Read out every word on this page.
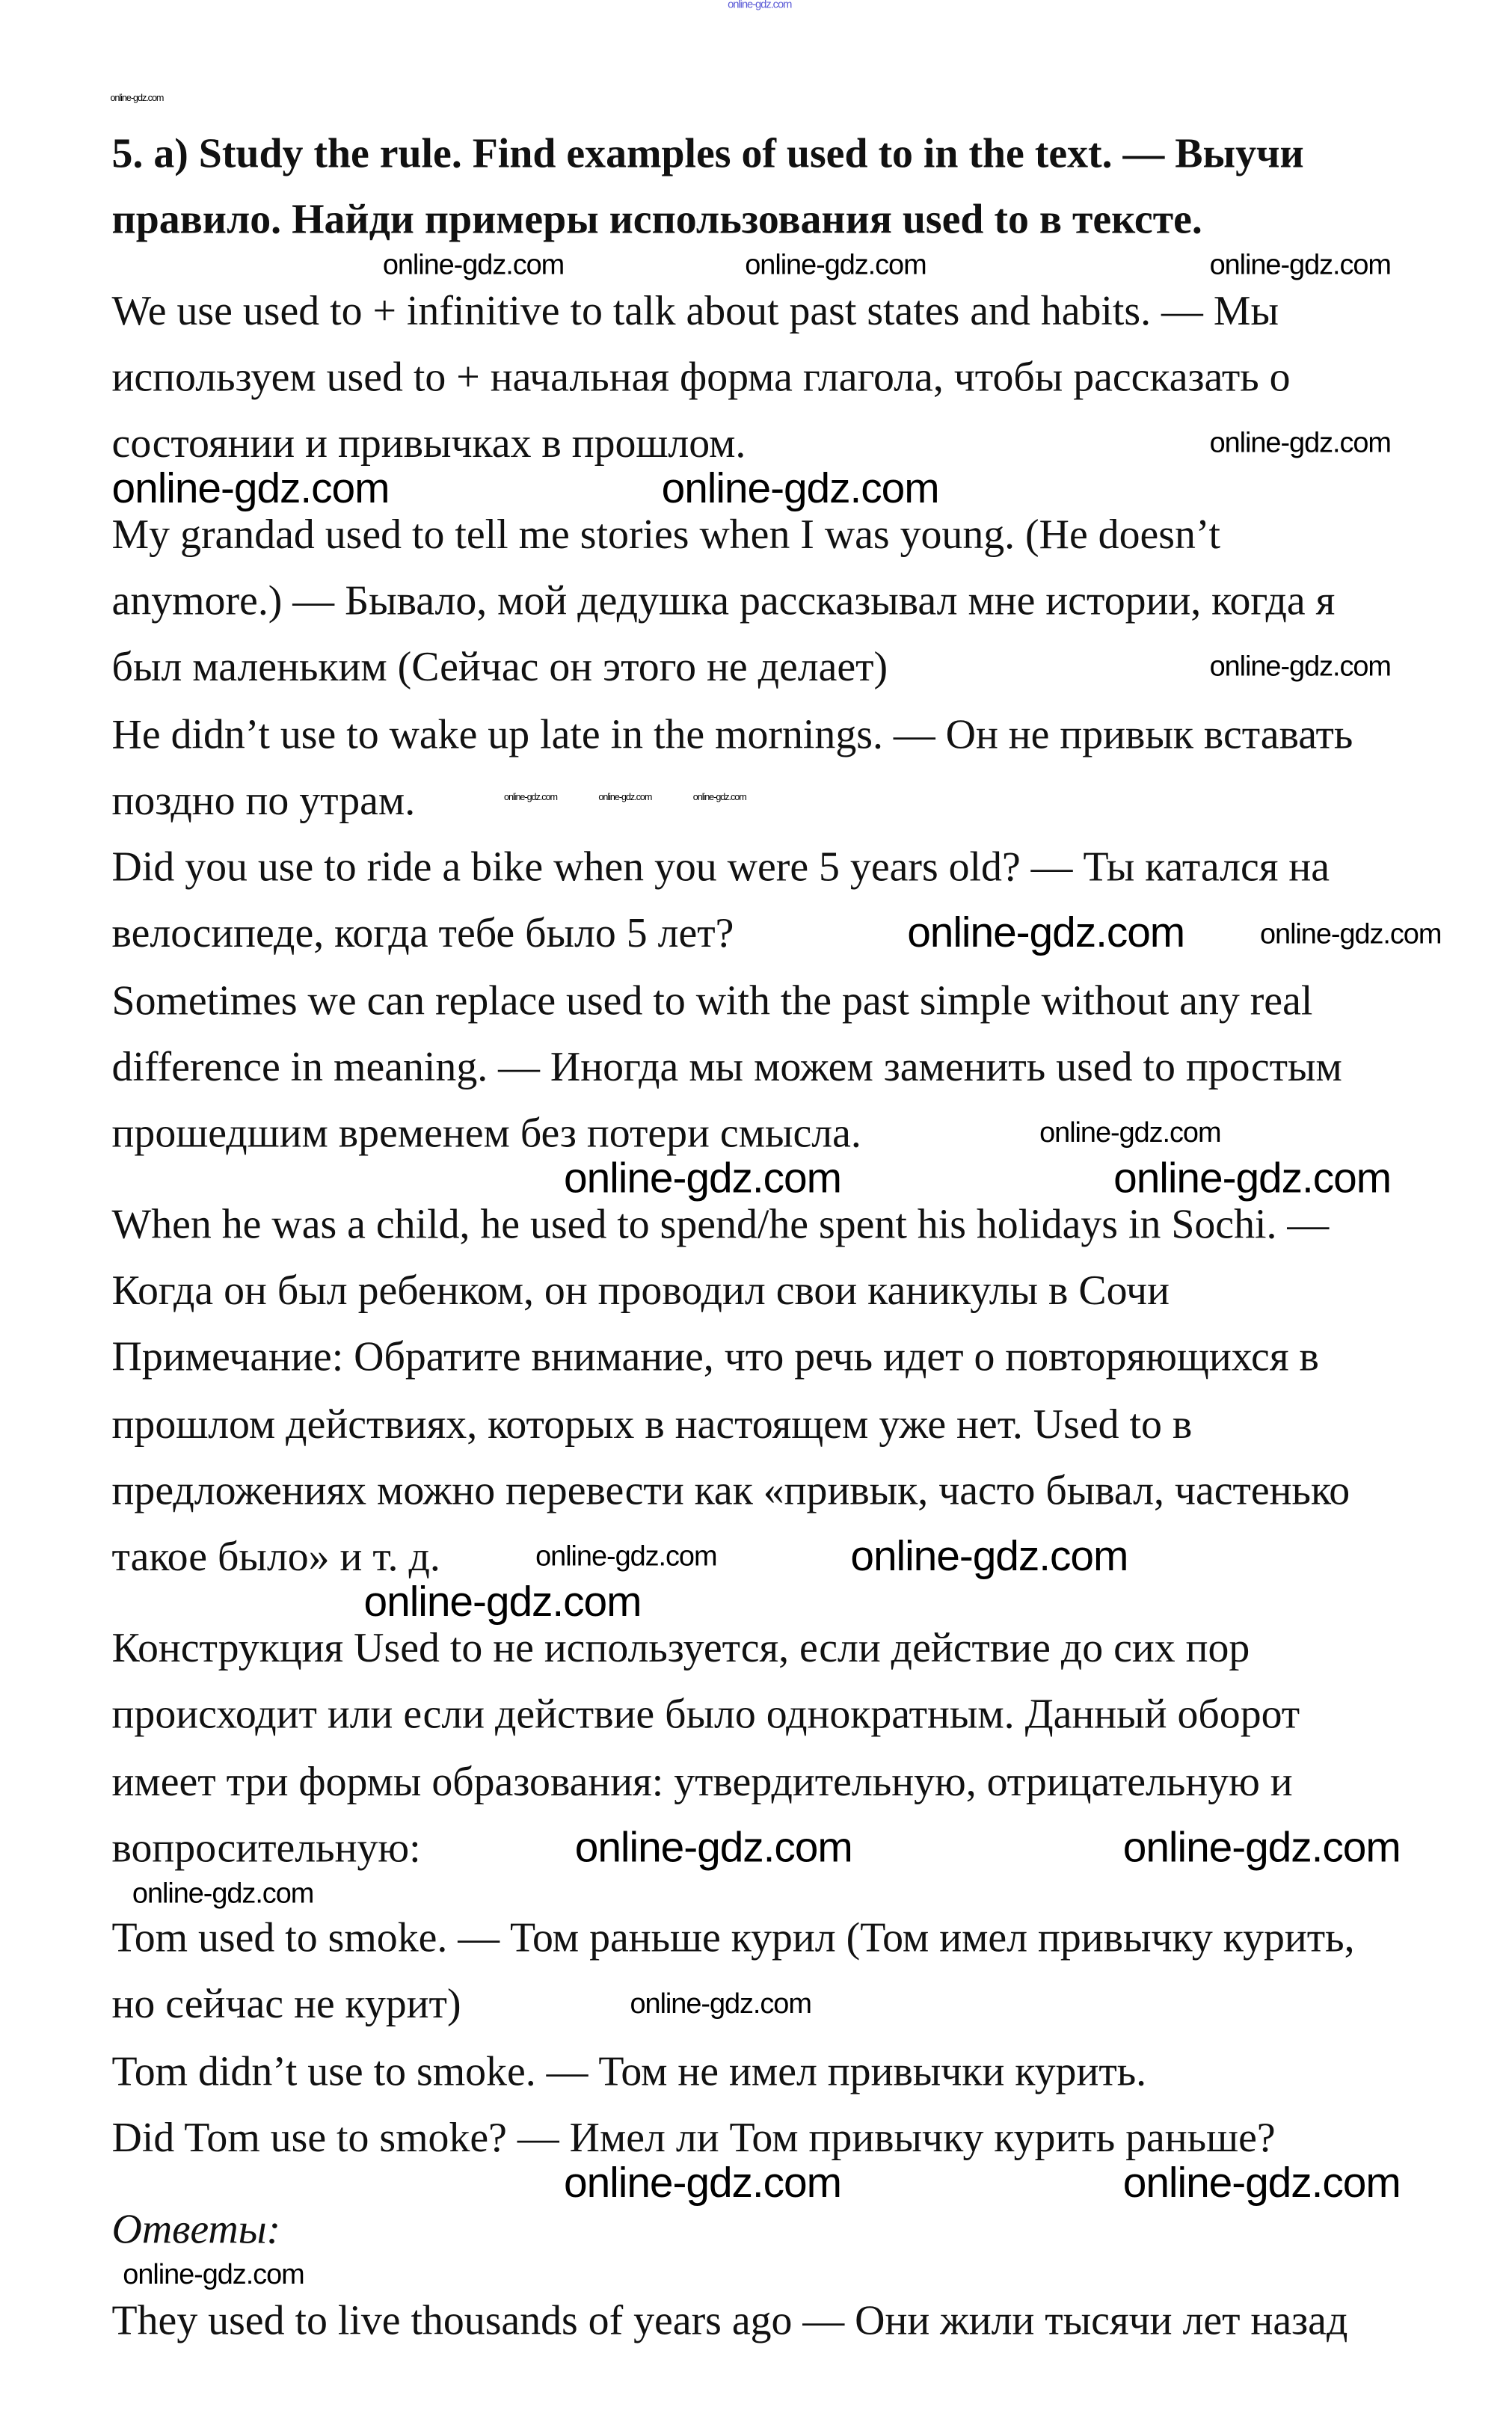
online-gdz.com
5. a) Study the rule. Find examples of used to in the text. — Выучи
правило. Найди примеры использования used to в тексте.
We use used to + infinitive to talk about past states and habits. — Мы
используем used to + начальная форма глагола, чтобы рассказать о
состоянии и привычках в прошлом.
My grandad used to tell me stories when I was young. (He doesn’t
anymore.) — Бывало, мой дедушка рассказывал мне истории, когда я
был маленьким (Сейчас он этого не делает)
He didn’t use to wake up late in the mornings. — Он не привык вставать
поздно по утрам.
Did you use to ride a bike when you were 5 years old? — Ты катался на
велосипеде, когда тебе было 5 лет?
Sometimes we can replace used to with the past simple without any real
difference in meaning. — Иногда мы можем заменить used to простым
прошедшим временем без потери смысла.
When he was a child, he used to spend/he spent his holidays in Sochi. —
Когда он был ребенком, он проводил свои каникулы в Сочи
Примечание: Обратите внимание, что речь идет о повторяющихся в
прошлом действиях, которых в настоящем уже нет. Used to в
предложениях можно перевести как «привык, часто бывал, частенько
такое было» и т. д.
Конструкция Used to не используется, если действие до сих пор
происходит или если действие было однократным. Данный оборот
имеет три формы образования: утвердительную, отрицательную и
вопросительную:
Tom used to smoke. — Том раньше курил (Том имел привычку курить,
но сейчас не курит)
Tom didn’t use to smoke. — Том не имел привычки курить.
Did Tom use to smoke? — Имел ли Том привычку курить раньше?
Ответы:
They used to live thousands of years ago — Они жили тысячи лет назад
online-gdz.com
online-gdz.com	online-gdz.com	online-gdz.com
online-gdz.com	online-gdz.com
online-gdz.com
online-gdz.com
online-gdz.com	online-gdz.com
online-gdz.com
online-gdz.com
online-gdz.com
online-gdz.com
online-gdz.com	online-gdz.com
online-gdz.com	online-gdz.com
online-gdz.com
online-gdz.com
online-gdz.com
online-gdz.com
online-gdz.com
online-gdz.com	online-gdz.com
online-gdz.com
